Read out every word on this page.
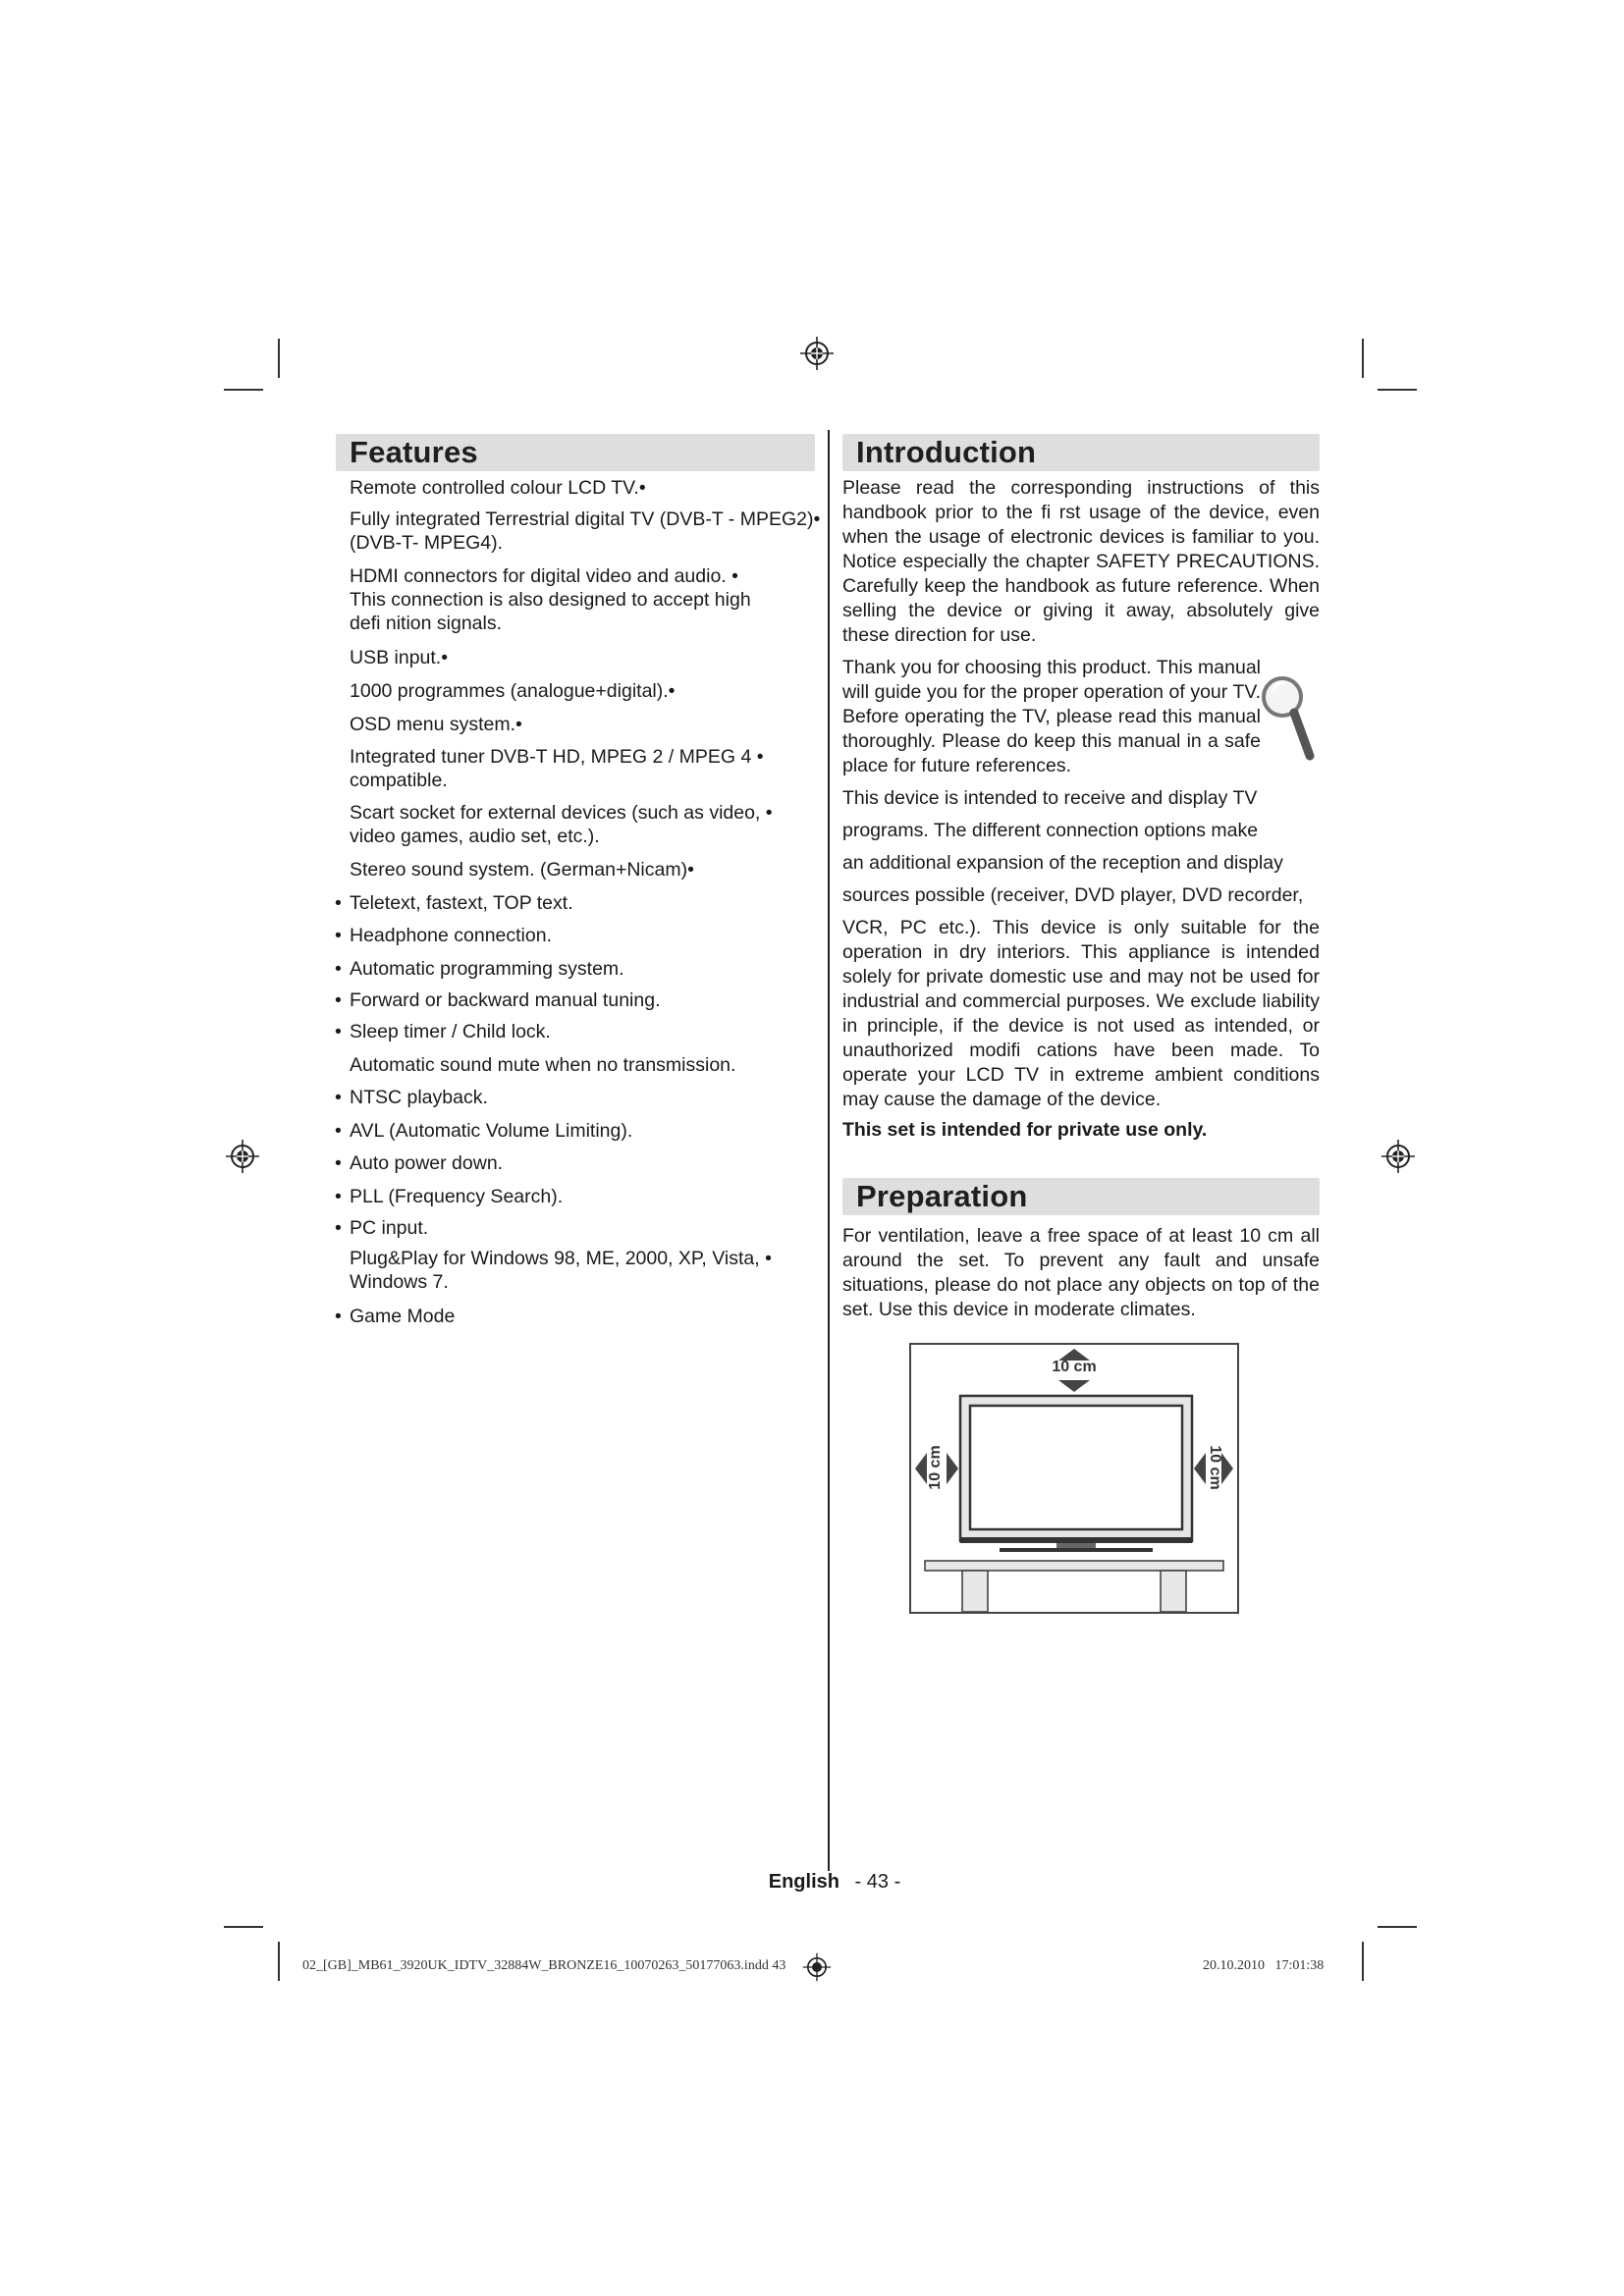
Features
Remote controlled colour LCD TV.•
Fully integrated Terrestrial digital TV (DVB-T - MPEG2)•
(DVB-T- MPEG4).
HDMI connectors for digital video and audio. •
This connection is also designed to accept high
defi nition signals.
USB input.•
1000 programmes (analogue+digital).•
OSD menu system.•
Integrated tuner DVB-T HD, MPEG 2 / MPEG 4 •
compatible.
Scart socket for external devices (such as video, •
video games, audio set, etc.).
Stereo sound system. (German+Nicam)•
• Teletext, fastext, TOP text.
• Headphone connection.
• Automatic programming system.
• Forward or backward manual tuning.
• Sleep timer / Child lock.
Automatic sound mute when no transmission.
• NTSC playback.
• AVL (Automatic Volume Limiting).
• Auto power down.
• PLL (Frequency Search).
• PC input.
Plug&Play for Windows 98, ME, 2000, XP, Vista, •
Windows 7.
• Game Mode
Introduction

Please read the corresponding instructions of this handbook prior to the fi rst usage of the device, even when the usage of electronic devices is familiar to you. Notice especially the chapter SAFETY PRECAUTIONS. Carefully keep the handbook as future reference. When selling the device or giving it away, absolutely give these direction for use.

Thank you for choosing this product. This manual will guide you for the proper operation of your TV. Before operating the TV, please read this manual thoroughly. Please do keep this manual in a safe place for future references.

This device is intended to receive and display TV

programs. The different connection options make

an additional expansion of the reception and display

sources possible (receiver, DVD player, DVD recorder,

VCR, PC etc.). This device is only suitable for the operation in dry interiors. This appliance is intended solely for private domestic use and may not be used for industrial and commercial purposes. We exclude liability in principle, if the device is not used as intended, or unauthorized modifi cations have been made. To operate your LCD TV in extreme ambient conditions may cause the damage of the device.

This set is intended for private use only.

Preparation

For ventilation, leave a free space of at least 10 cm all around the set. To prevent any fault and unsafe situations, please do not place any objects on top of the set. Use this device in moderate climates.

10 cm
10 cm	10 cm
English - 43 -
02_[GB]_MB61_3920UK_IDTV_32884W_BRONZE16_10070263_50177063.indd 43	20.10.2010   17:01:38
